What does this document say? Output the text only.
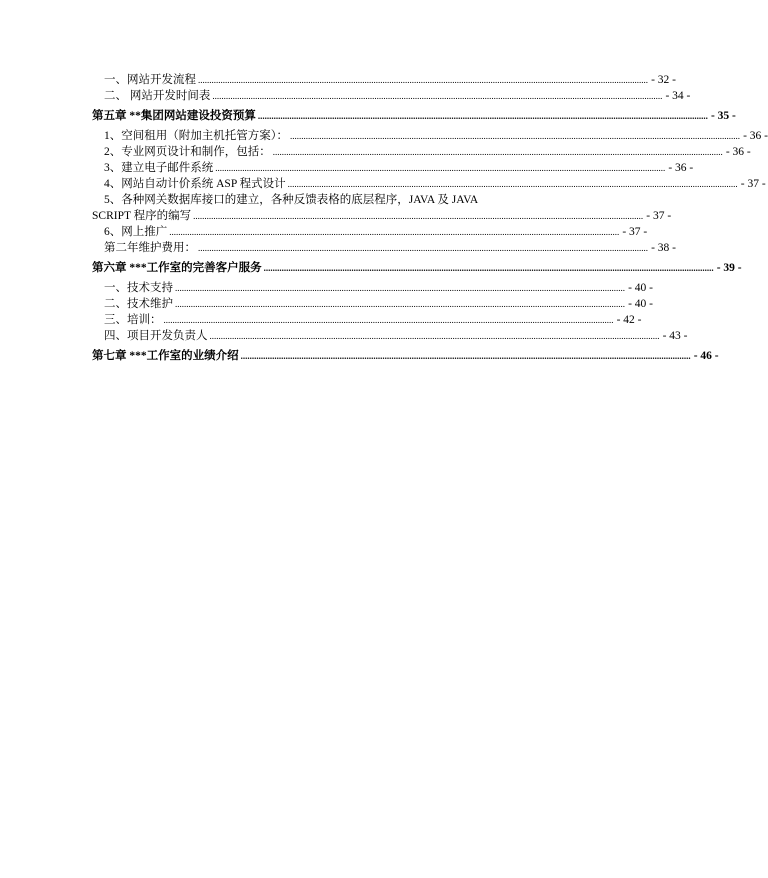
一、网站开发流程 ........................................................................................................................................................................................................ - 32 -
二、 网站开发时间表 ........................................................................................................................................................................................................ - 34 -
第五章 **集团网站建设投资预算 ........................................................................................................................................................................................................ - 35 -
1、空间租用（附加主机托管方案）： ........................................................................................................................................................................................................ - 36 -
2、专业网页设计和制作，包括： ........................................................................................................................................................................................................ - 36 -
3、建立电子邮件系统 ........................................................................................................................................................................................................ - 36 -
4、网站自动计价系统 ASP 程式设计 ........................................................................................................................................................................................................ - 37 -
5、各种网关数据库接口的建立，各种反馈表格的底层程序，JAVA 及 JAVA
SCRIPT 程序的编写 ........................................................................................................................................................................................................ - 37 -
6、网上推广 ........................................................................................................................................................................................................ - 37 -
第二年维护费用： ........................................................................................................................................................................................................ - 38 -
第六章 ***工作室的完善客户服务 ........................................................................................................................................................................................................ - 39 -
一、技术支持 ........................................................................................................................................................................................................ - 40 -
二、技术维护 ........................................................................................................................................................................................................ - 40 -
三、培训： ........................................................................................................................................................................................................ - 42 -
四、项目开发负责人 ........................................................................................................................................................................................................ - 43 -
第七章 ***工作室的业绩介绍 ........................................................................................................................................................................................................ - 46 -
